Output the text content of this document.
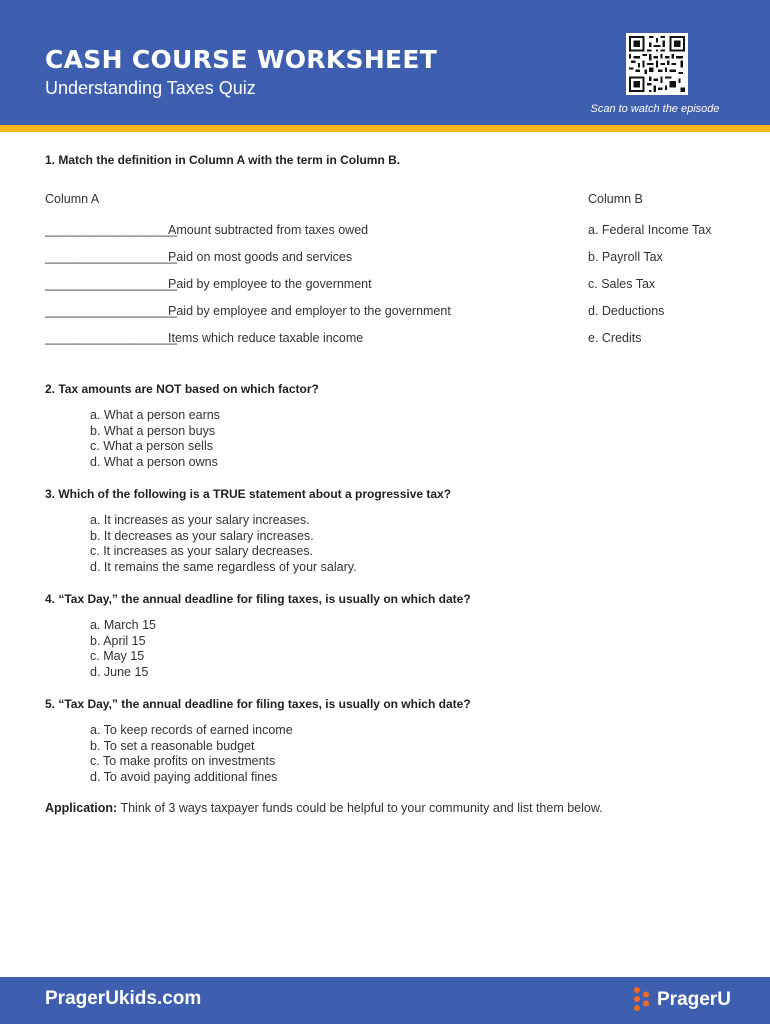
CASH COURSE WORKSHEET
Understanding Taxes Quiz
Scan to watch the episode
1. Match the definition in Column A with the term in Column B.
Column A	Column B
___________________
Amount subtracted from taxes owed	a. Federal Income Tax
___________________
Paid on most goods and services	b. Payroll Tax
___________________
Paid by employee to the government	c. Sales Tax
___________________
Paid by employee and employer to the government	d. Deductions
___________________
Items which reduce taxable income	e. Credits
2. Tax amounts are NOT based on which factor?
a. What a person earns
b. What a person buys
c. What a person sells
d. What a person owns
3. Which of the following is a TRUE statement about a progressive tax?
a. It increases as your salary increases.
b. It decreases as your salary increases.
c. It increases as your salary decreases.
d. It remains the same regardless of your salary.
4. “Tax Day,” the annual deadline for filing taxes, is usually on which date?
a. March 15
b. April 15
c. May 15
d. June 15
5. “Tax Day,” the annual deadline for filing taxes, is usually on which date?
a. To keep records of earned income
b. To set a reasonable budget
c. To make profits on investments
d. To avoid paying additional fines
Application: Think of 3 ways taxpayer funds could be helpful to your community and list them below.
PragerUkids.com	PragerU
